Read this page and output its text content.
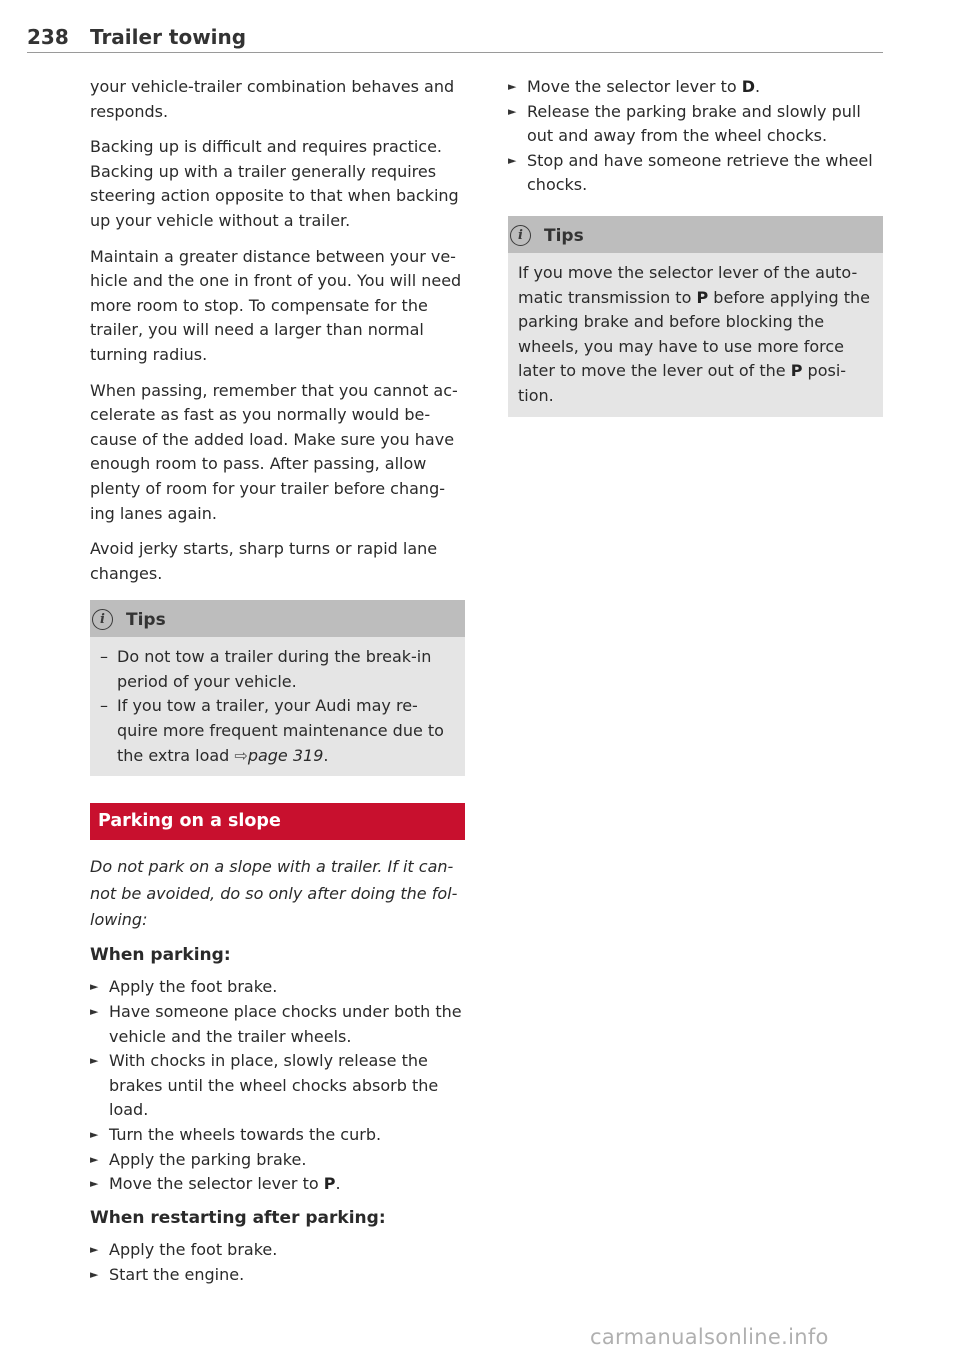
238 Trailer towing

your vehicle-trailer combination behaves and responds.

Backing up is difficult and requires practice. Backing up with a trailer generally requires steering action opposite to that when backing up your vehicle without a trailer.

Maintain a greater distance between your ve-hicle and the one in front of you. You will need more room to stop. To compensate for the trailer, you will need a larger than normal turning radius.

When passing, remember that you cannot ac-celerate as fast as you normally would be-cause of the added load. Make sure you have enough room to pass. After passing, allow plenty of room for your trailer before chang-ing lanes again.

Avoid jerky starts, sharp turns or rapid lane changes.

i	Tips
– Do not tow a trailer during the break-in period of your vehicle.
– If you tow a trailer, your Audi may re-quire more frequent maintenance due to the extra load ⇨page 319.
Parking on a slope

Do not park on a slope with a trailer. If it can-not be avoided, do so only after doing the fol-lowing:

When parking:
► Apply the foot brake.
► Have someone place chocks under both the vehicle and the trailer wheels.
► With chocks in place, slowly release the brakes until the wheel chocks absorb the load.
► Turn the wheels towards the curb.
► Apply the parking brake.
► Move the selector lever to P.
When restarting after parking:
► Apply the foot brake.
► Start the engine.
► Move the selector lever to D.
► Release the parking brake and slowly pull out and away from the wheel chocks.
► Stop and have someone retrieve the wheel chocks.
i	Tips
If you move the selector lever of the auto-matic transmission to P before applying the parking brake and before blocking the wheels, you may have to use more force later to move the lever out of the P posi-tion.
carmanualsonline.info
